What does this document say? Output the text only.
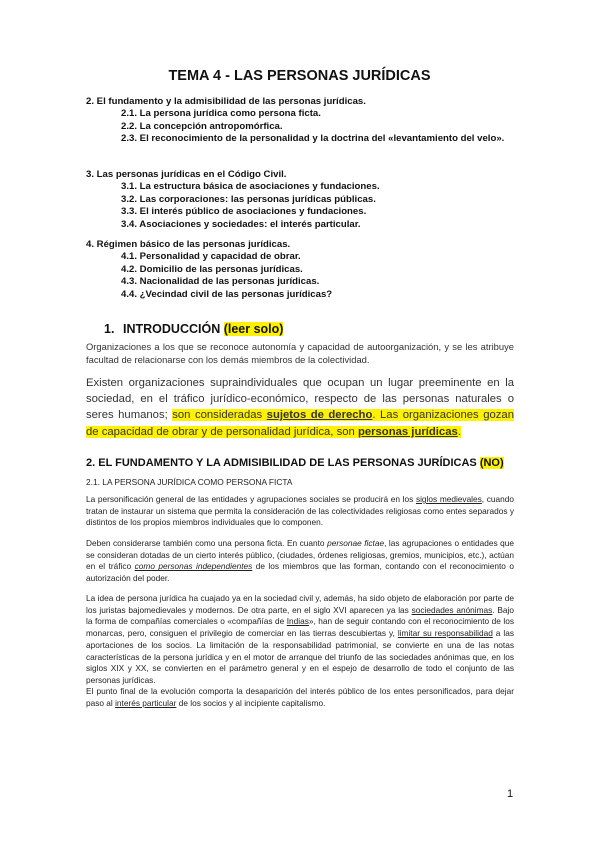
TEMA 4 - LAS PERSONAS JURÍDICAS
2. El fundamento y la admisibilidad de las personas jurídicas.
2.1. La persona jurídica como persona ficta.
2.2. La concepción antropomórfica.
2.3. El reconocimiento de la personalidad y la doctrina del «levantamiento del velo».
3. Las personas jurídicas en el Código Civil.
3.1. La estructura básica de asociaciones y fundaciones.
3.2. Las corporaciones: las personas jurídicas públicas.
3.3. El interés público de asociaciones y fundaciones.
3.4. Asociaciones y sociedades: el interés particular.
4. Régimen básico de las personas jurídicas.
4.1. Personalidad y capacidad de obrar.
4.2. Domicilio de las personas jurídicas.
4.3. Nacionalidad de las personas jurídicas.
4.4. ¿Vecindad civil de las personas jurídicas?
1. INTRODUCCIÓN (leer solo)
Organizaciones a los que se reconoce autonomía y capacidad de autoorganización, y se les atribuye facultad de relacionarse con los demás miembros de la colectividad.
Existen organizaciones supraindividuales que ocupan un lugar preeminente en la sociedad, en el tráfico jurídico-económico, respecto de las personas naturales o seres humanos; son consideradas sujetos de derecho. Las organizaciones gozan de capacidad de obrar y de personalidad jurídica, son personas jurídicas.
2. EL FUNDAMENTO Y LA ADMISIBILIDAD DE LAS PERSONAS JURÍDICAS (NO)
2.1. LA PERSONA JURÍDICA COMO PERSONA FICTA
La personificación general de las entidades y agrupaciones sociales se producirá en los siglos medievales, cuando tratan de instaurar un sistema que permita la consideración de las colectividades religiosas como entes separados y distintos de los propios miembros individuales que lo componen.
Deben considerarse también como una persona ficta. En cuanto personae fictae, las agrupaciones o entidades que se consideran dotadas de un cierto interés público, (ciudades, órdenes religiosas, gremios, municipios, etc.), actúan en el tráfico como personas independientes de los miembros que las forman, contando con el reconocimiento o autorización del poder.
La idea de persona jurídica ha cuajado ya en la sociedad civil y, además, ha sido objeto de elaboración por parte de los juristas bajomedievales y modernos. De otra parte, en el siglo XVI aparecen ya las sociedades anónimas. Bajo la forma de compañías comerciales o «compañías de Indias», han de seguir contando con el reconocimiento de los monarcas, pero, consiguen el privilegio de comerciar en las tierras descubiertas y, limitar su responsabilidad a las aportaciones de los socios. La limitación de la responsabilidad patrimonial, se convierte en una de las notas características de la persona jurídica y en el motor de arranque del triunfo de las sociedades anónimas que, en los siglos XIX y XX, se convierten en el parámetro general y en el espejo de desarrollo de todo el conjunto de las personas jurídicas.
El punto final de la evolución comporta la desaparición del interés público de los entes personificados, para dejar paso al interés particular de los socios y al incipiente capitalismo.
1
